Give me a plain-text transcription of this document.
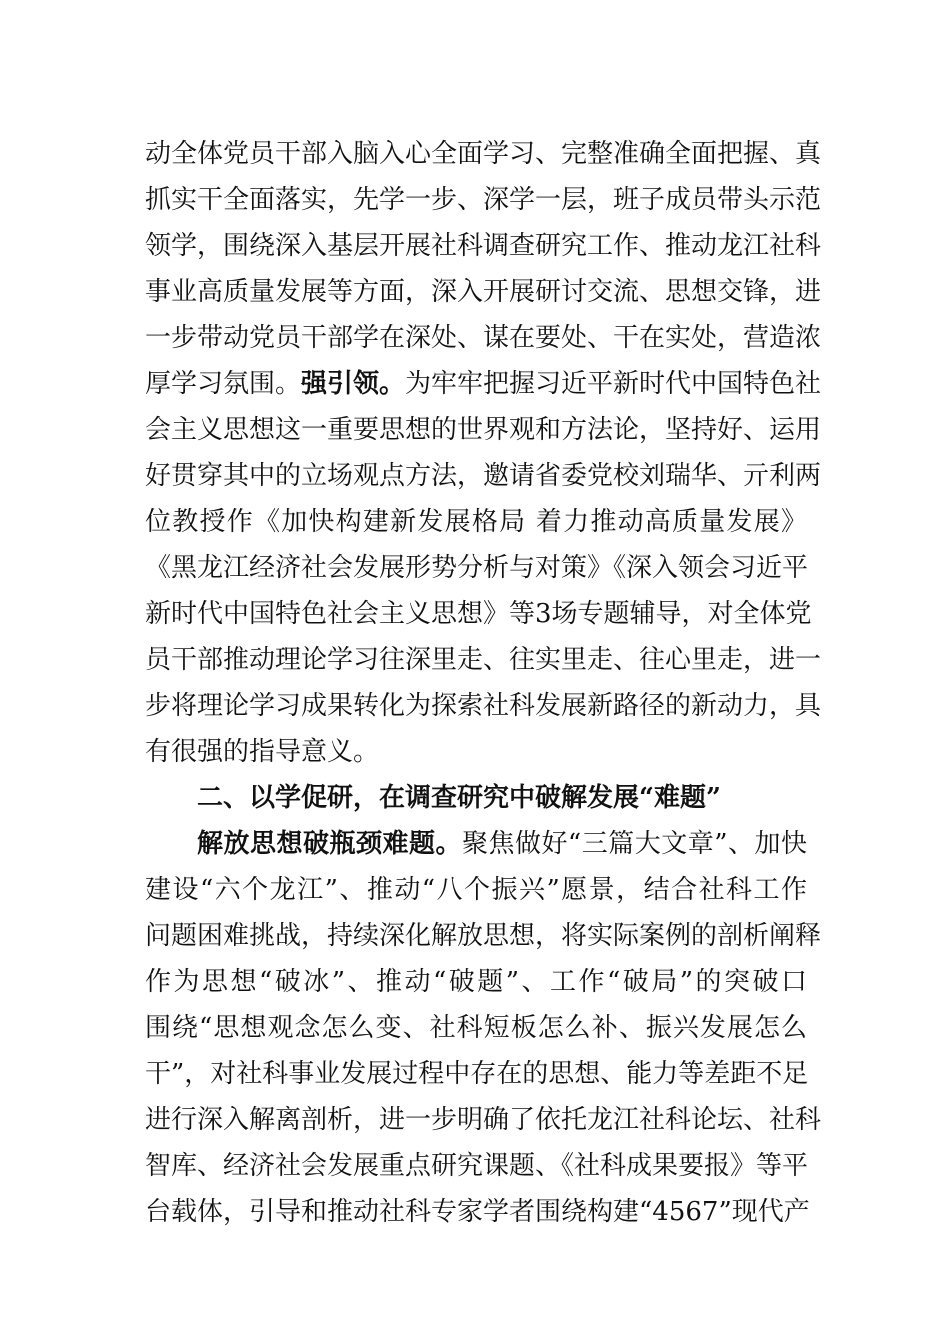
动全体党员干部入脑入心全面学习、完整准确全面把握、真
抓实干全面落实，先学一步、深学一层，班子成员带头示范
领学，围绕深入基层开展社科调查研究工作、推动龙江社科
事业高质量发展等方面，深入开展研讨交流、思想交锋，进
一步带动党员干部学在深处、谋在要处、干在实处，营造浓
厚学习氛围。强引领。为牢牢把握习近平新时代中国特色社
会主义思想这一重要思想的世界观和方法论，坚持好、运用
好贯穿其中的立场观点方法，邀请省委党校刘瑞华、亓利两
位教授作《加快构建新发展格局 着力推动高质量发展》
《黑龙江经济社会发展形势分析与对策》《深入领会习近平
新时代中国特色社会主义思想》等3场专题辅导，对全体党
员干部推动理论学习往深里走、往实里走、往心里走，进一
步将理论学习成果转化为探索社科发展新路径的新动力，具
有很强的指导意义。
二、以学促研，在调查研究中破解发展“难题”
解放思想破瓶颈难题。聚焦做好“三篇大文章”、加快
建设“六个龙江”、推动“八个振兴”愿景，结合社科工作
问题困难挑战，持续深化解放思想，将实际案例的剖析阐释
作为思想“破冰”、推动“破题”、工作“破局”的突破口
围绕“思想观念怎么变、社科短板怎么补、振兴发展怎么
干”，对社科事业发展过程中存在的思想、能力等差距不足
进行深入解离剖析，进一步明确了依托龙江社科论坛、社科
智库、经济社会发展重点研究课题、《社科成果要报》等平
台载体，引导和推动社科专家学者围绕构建“4567”现代产
